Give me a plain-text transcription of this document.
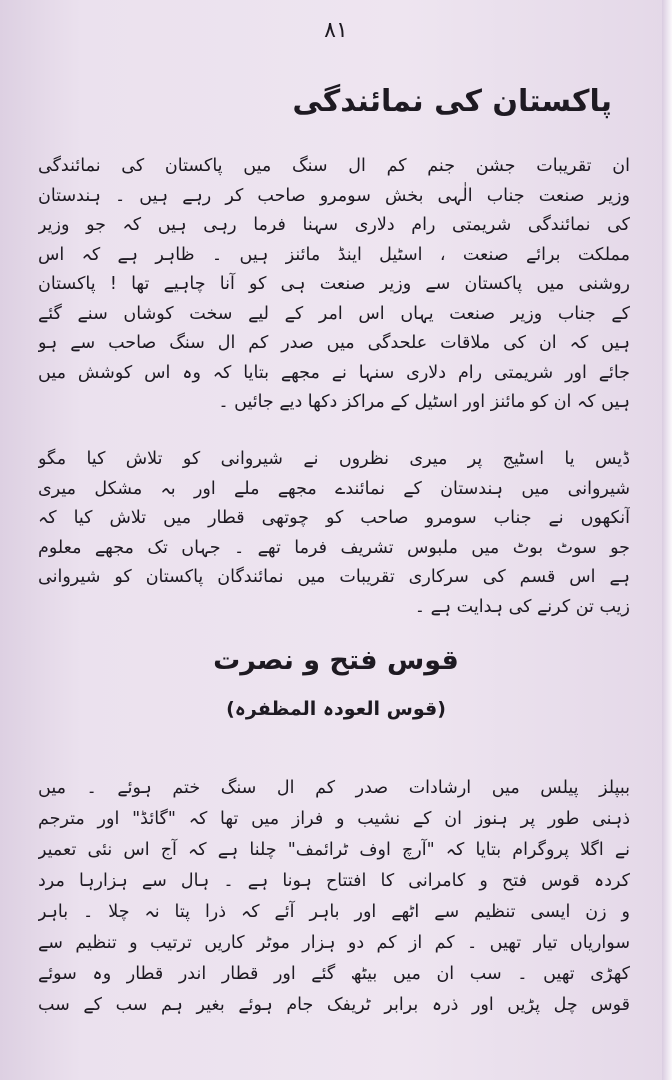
٨١
پاکستان کی نمائندگی
ان تقریبات جشن جنم کم ال سنگ میں پاکستان کی نمائندگی
وزیر صنعت جناب الٰہی بخش سومرو صاحب کر رہے ہیں ۔ ہندستان
کی نمائندگی شریمتی رام دلاری سہنا فرما رہی ہیں کہ جو وزیر
مملکت برائے صنعت ، اسٹیل اینڈ مائنز ہیں ۔ ظاہر ہے کہ اس
روشنی میں پاکستان سے وزیر صنعت ہی کو آنا چاہیے تھا ! پاکستان
کے جناب وزیر صنعت یہاں اس امر کے لیے سخت کوشاں سنے گئے
ہیں کہ ان کی ملاقات علحدگی میں صدر کم ال سنگ صاحب سے ہو
جائے اور شریمتی رام دلاری سنہا نے مجھے بتایا کہ وہ اس کوشش میں
ہیں کہ ان کو مائنز اور اسٹیل کے مراکز دکھا دیے جائیں ۔
ڈیس یا اسٹیج پر میری نظروں نے شیروانی کو تلاش کیا مگو
شیروانی میں ہندستان کے نمائندے مجھے ملے اور بہ مشکل میری
آنکھوں نے جناب سومرو صاحب کو چوتھی قطار میں تلاش کیا کہ
جو سوٹ بوٹ میں ملبوس تشریف فرما تھے ۔ جہاں تک مجھے معلوم
ہے اس قسم کی سرکاری تقریبات میں نمائندگان پاکستان کو شیروانی
زیب تن کرنے کی ہدایت ہے ۔
قوس فتح و نصرت
(قوس العودہ المظفرہ)
ببپلز پیلس میں ارشادات صدر کم ال سنگ ختم ہوئے ۔ میں
ذہنی طور پر ہنوز ان کے نشیب و فراز میں تھا کہ "گائڈ" اور مترجم
نے اگلا پروگرام بتایا کہ "آرچ اوف ٹرائمف" چلنا ہے کہ آج اس نئی تعمیر
کردہ قوس فتح و کامرانی کا افتتاح ہونا ہے ۔ ہال سے ہزارہا مرد
و زن ایسی تنظیم سے اٹھے اور باہر آئے کہ ذرا پتا نہ چلا ۔ باہر
سواریاں تیار تھیں ۔ کم از کم دو ہزار موٹر کاریں ترتیب و تنظیم سے
کھڑی تھیں ۔ سب ان میں بیٹھ گئے اور قطار اندر قطار وہ سوئے
قوس چل پڑیں اور ذرہ برابر ٹریفک جام ہوئے بغیر ہم سب کے سب
